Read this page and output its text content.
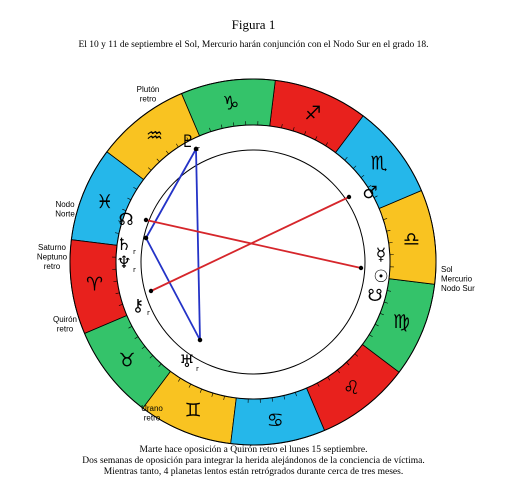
Figura 1
El 10 y 11 de septiembre el Sol, Mercurio harán conjunción con el Nodo Sur en el grado 18.
♌
♍
♎
♏
♐
♑
♒
♓
♈
♉
♊	♋
♇ r
♂
☊
☿
♄ r
☉
♆ r
☋
⚷ r
♅ r
Plutón retro
Nodo Norte
Saturno Neptuno retro
Quirón retro
Urano retro
Sol Mercurio Nodo Sur
Marte hace oposición a Quirón retro el lunes 15 septiembre.
Dos semanas de oposición para integrar la herida alejándonos de la conciencia de víctima.
Mientras tanto, 4 planetas lentos están retrógrados durante cerca de tres meses.
